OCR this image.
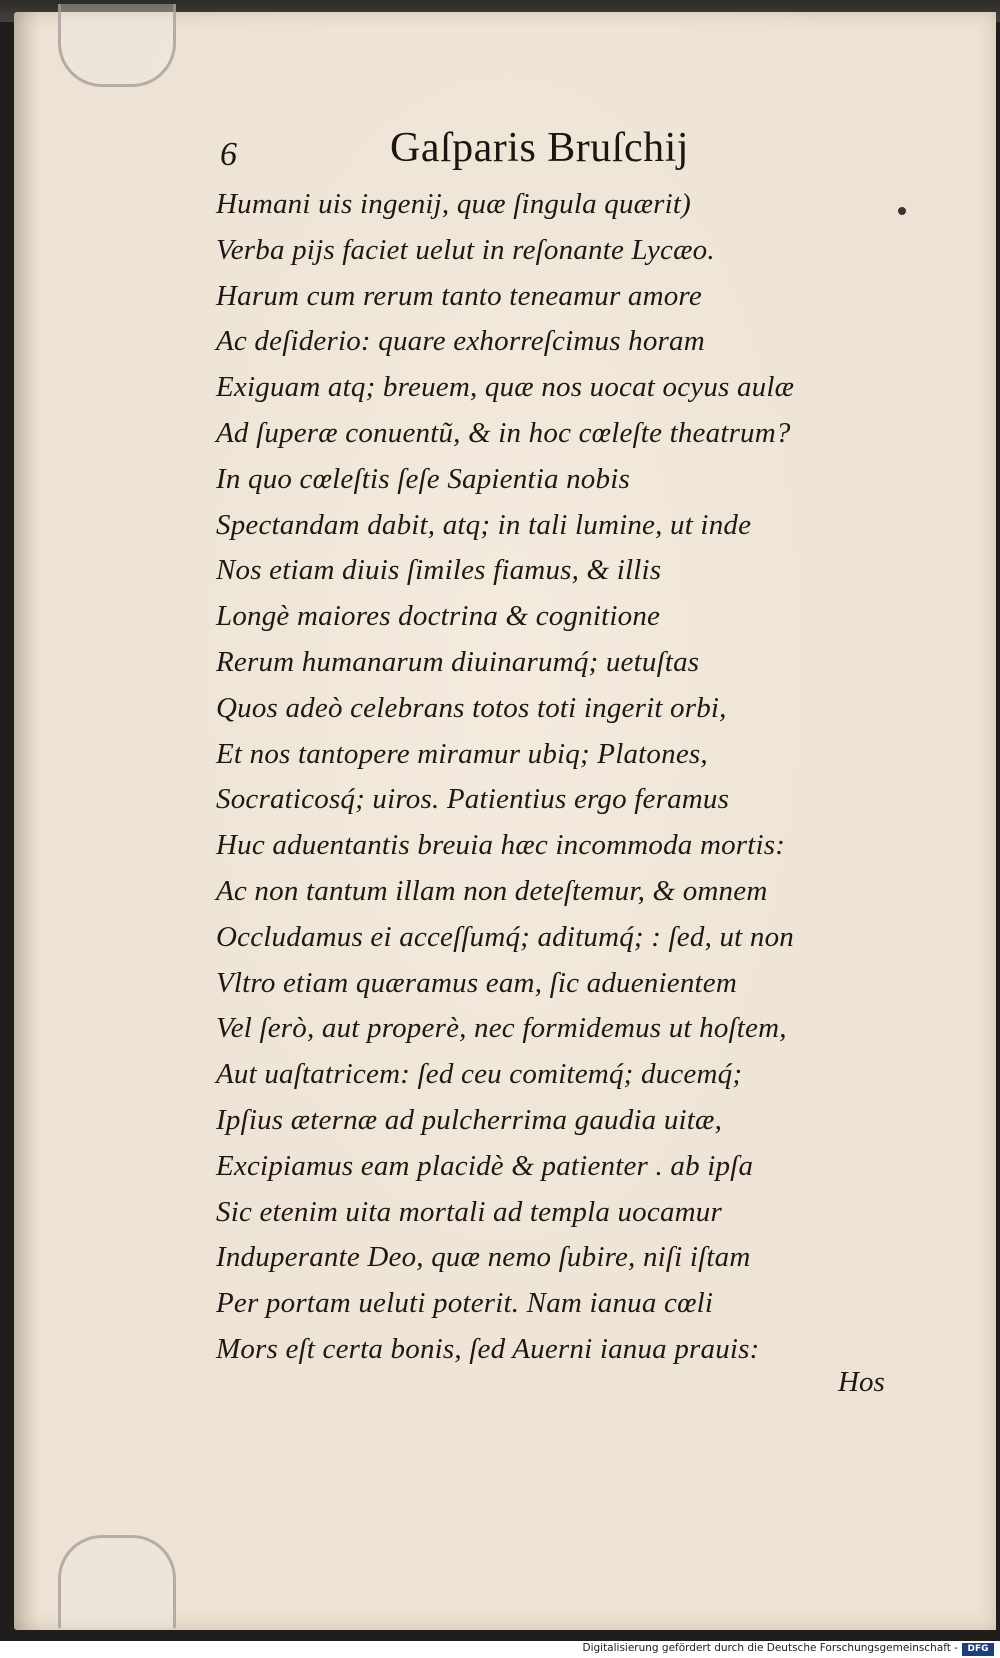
6	Gaſparis Bruſchij
Humani uis ingenij, quæ ſingula quærit)
Verba pijs faciet uelut in reſonante Lycæo.
Harum cum rerum tanto teneamur amore
Ac deſiderio: quare exhorreſcimus horam
Exiguam atq; breuem, quæ nos uocat ocyus aulæ
Ad ſuperæ conuentũ, & in hoc cœleſte theatrum?
In quo cœleſtis ſeſe Sapientia nobis
Spectandam dabit, atq; in tali lumine, ut inde
Nos etiam diuis ſimiles fiamus, & illis
Longè maiores doctrina & cognitione
Rerum humanarum diuinarumq́; uetuſtas
Quos adeò celebrans totos toti ingerit orbi,
Et nos tantopere miramur ubiq; Platones,
Socraticosq́; uiros. Patientius ergo feramus
Huc aduentantis breuia hæc incommoda mortis:
Ac non tantum illam non deteſtemur, & omnem
Occludamus ei acceſſumq́; aditumq́; : ſed, ut non
Vltro etiam quæramus eam, ſic aduenientem
Vel ſerò, aut properè, nec formidemus ut hoſtem,
Aut uaſtatricem: ſed ceu comitemq́; ducemq́;
Ipſius æternæ ad pulcherrima gaudia uitæ,
Excipiamus eam placidè & patienter . ab ipſa
Sic etenim uita mortali ad templa uocamur
Induperante Deo, quæ nemo ſubire, niſi iſtam
Per portam ueluti poterit. Nam ianua cœli
Mors eſt certa bonis, ſed Auerni ianua prauis:
Hos
Digitalisierung gefördert durch die Deutsche Forschungsgemeinschaft -	DFG
